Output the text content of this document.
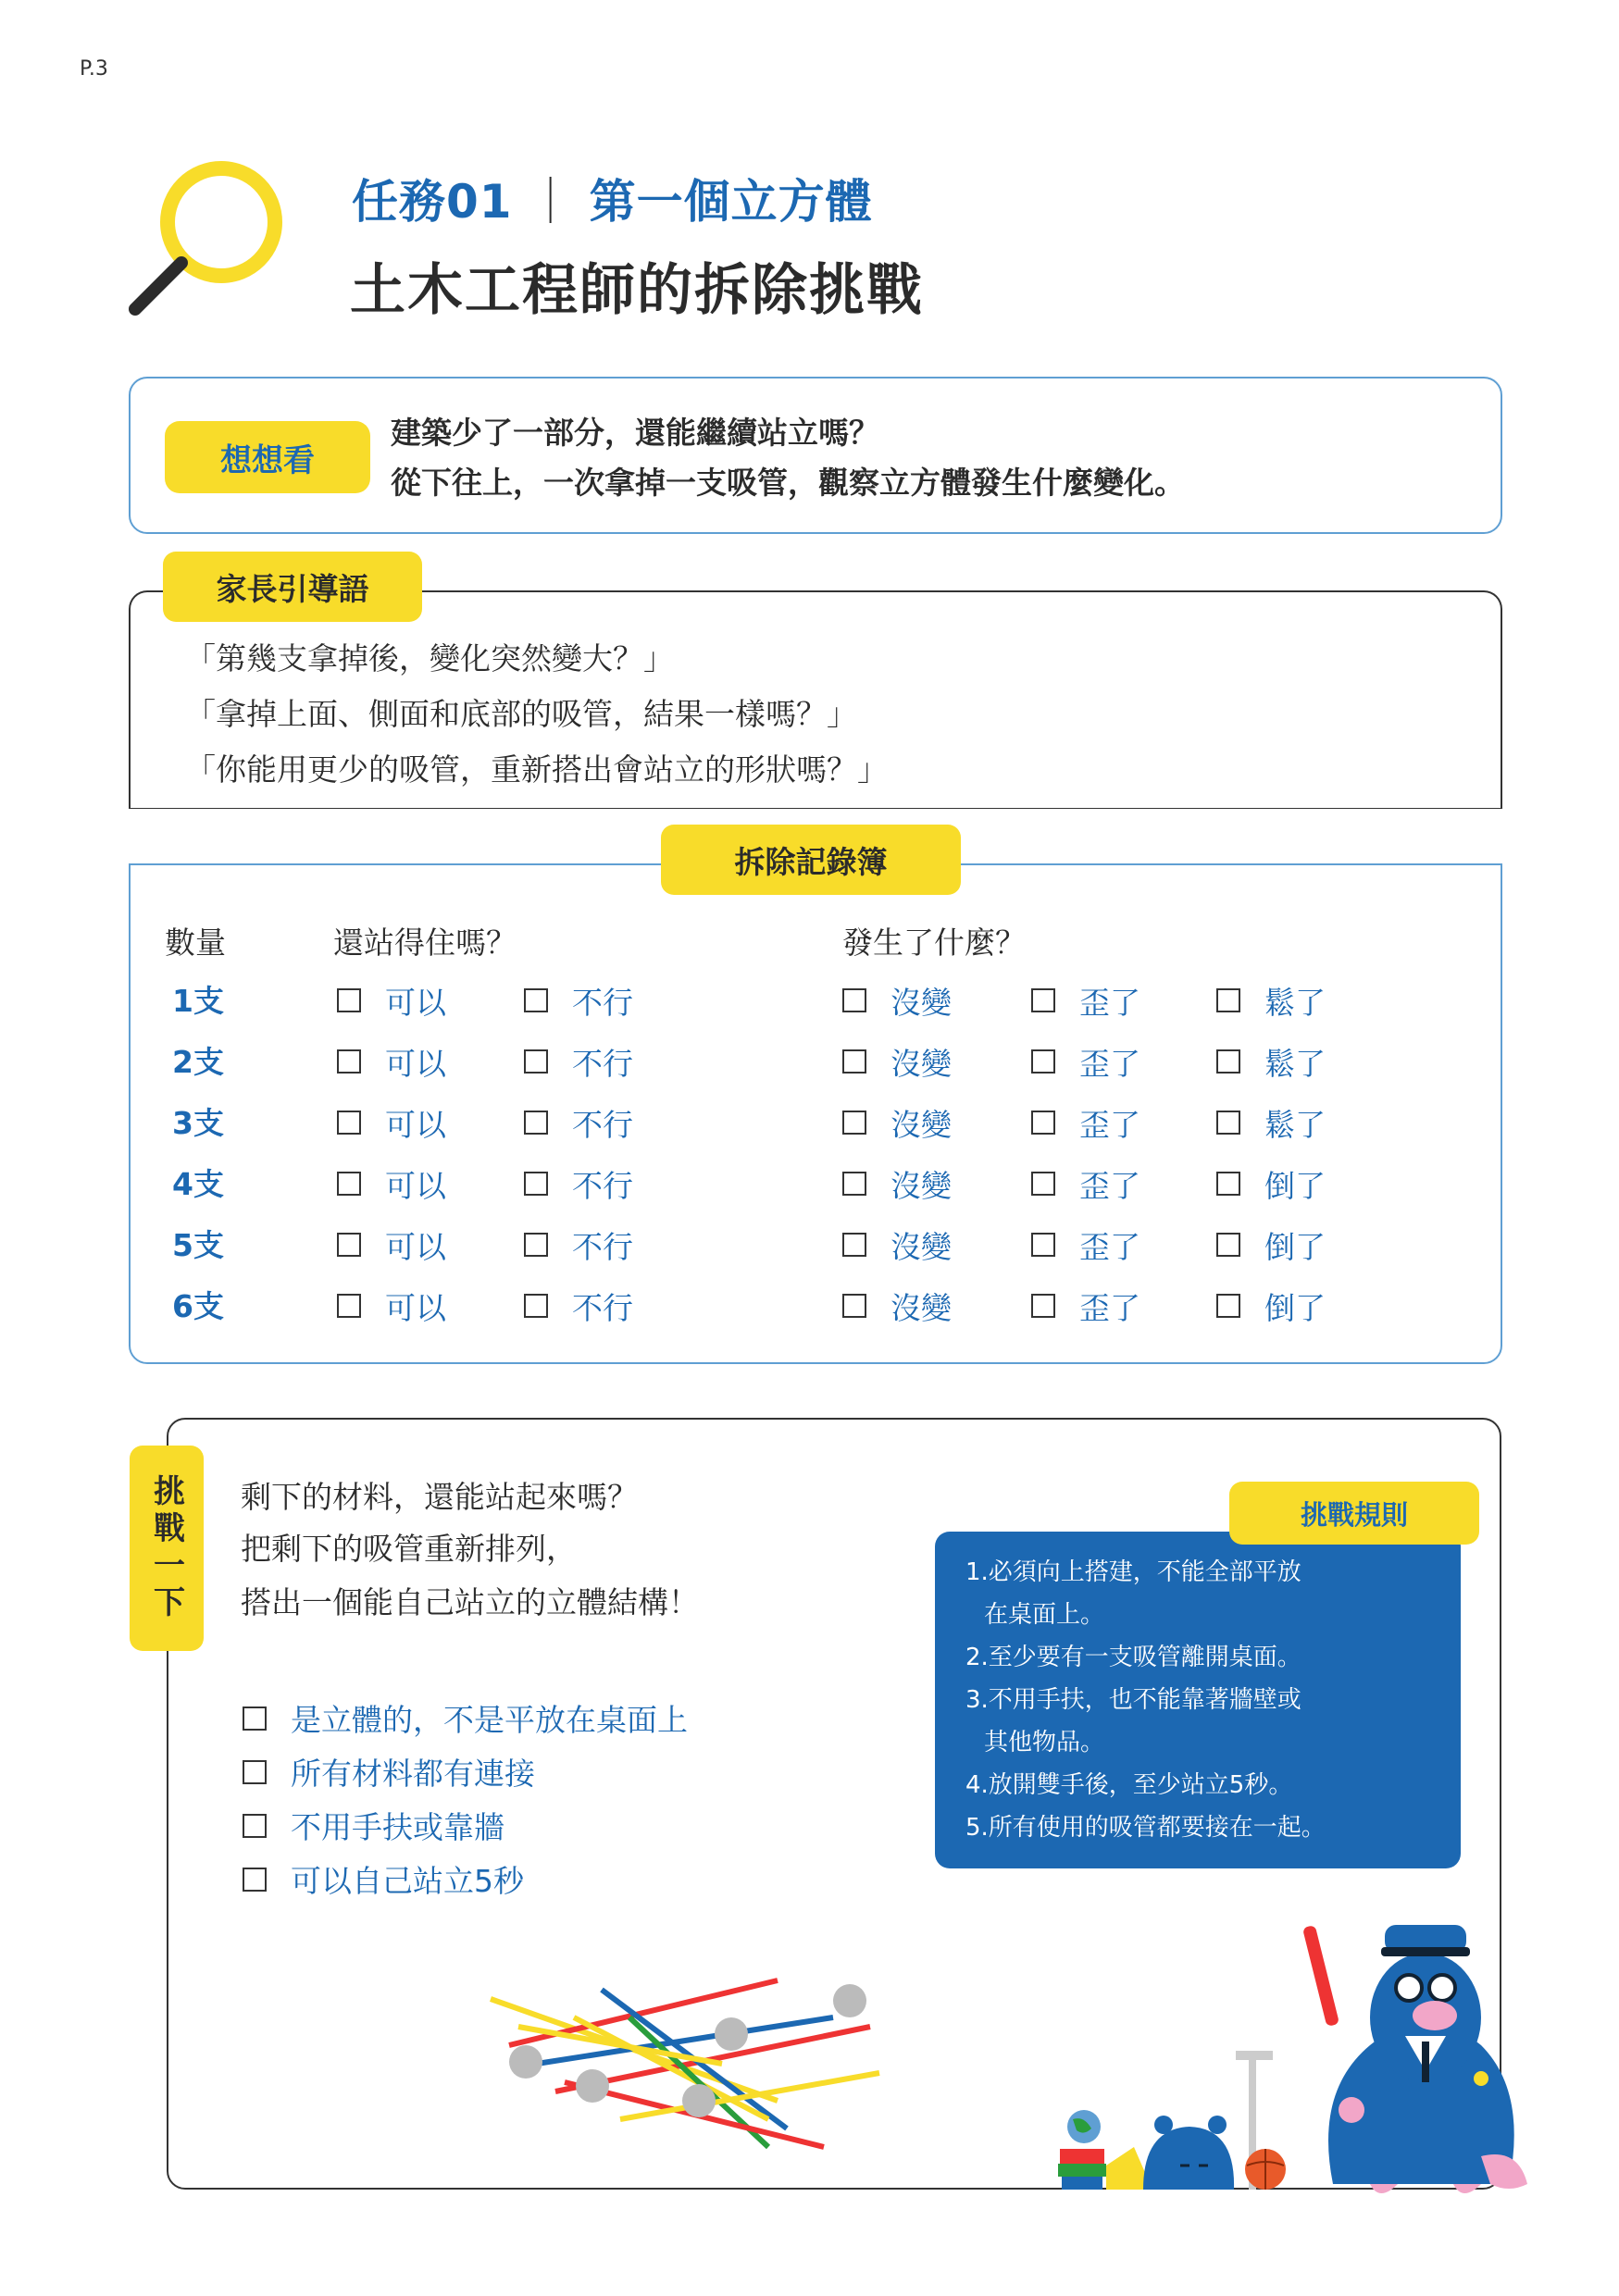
P.3
任務01 ｜ 第一個立方體
土木工程師的拆除挑戰
想想看
建築少了一部分，還能繼續站立嗎？
從下往上，一次拿掉一支吸管，觀察立方體發生什麼變化。
家長引導語
「第幾支拿掉後，變化突然變大？」
「拿掉上面、側面和底部的吸管，結果一樣嗎？」
「你能用更少的吸管，重新搭出會站立的形狀嗎？」
拆除記錄簿
數量	還站得住嗎？	發生了什麼？
1支	可以	不行	沒變	歪了	鬆了
2支	可以	不行	沒變	歪了	鬆了
3支	可以	不行	沒變	歪了	鬆了
4支	可以	不行	沒變	歪了	倒了
5支	可以	不行	沒變	歪了	倒了
6支	可以	不行	沒變	歪了	倒了
挑戰一下	剩下的材料，還能站起來嗎？
把剩下的吸管重新排列，
搭出一個能自己站立的立體結構！
是立體的，不是平放在桌面上
所有材料都有連接
不用手扶或靠牆
可以自己站立5秒
挑戰規則
1.必須向上搭建，不能全部平放
在桌面上。
2.至少要有一支吸管離開桌面。
3.不用手扶，也不能靠著牆壁或
其他物品。
4.放開雙手後，至少站立5秒。
5.所有使用的吸管都要接在一起。
